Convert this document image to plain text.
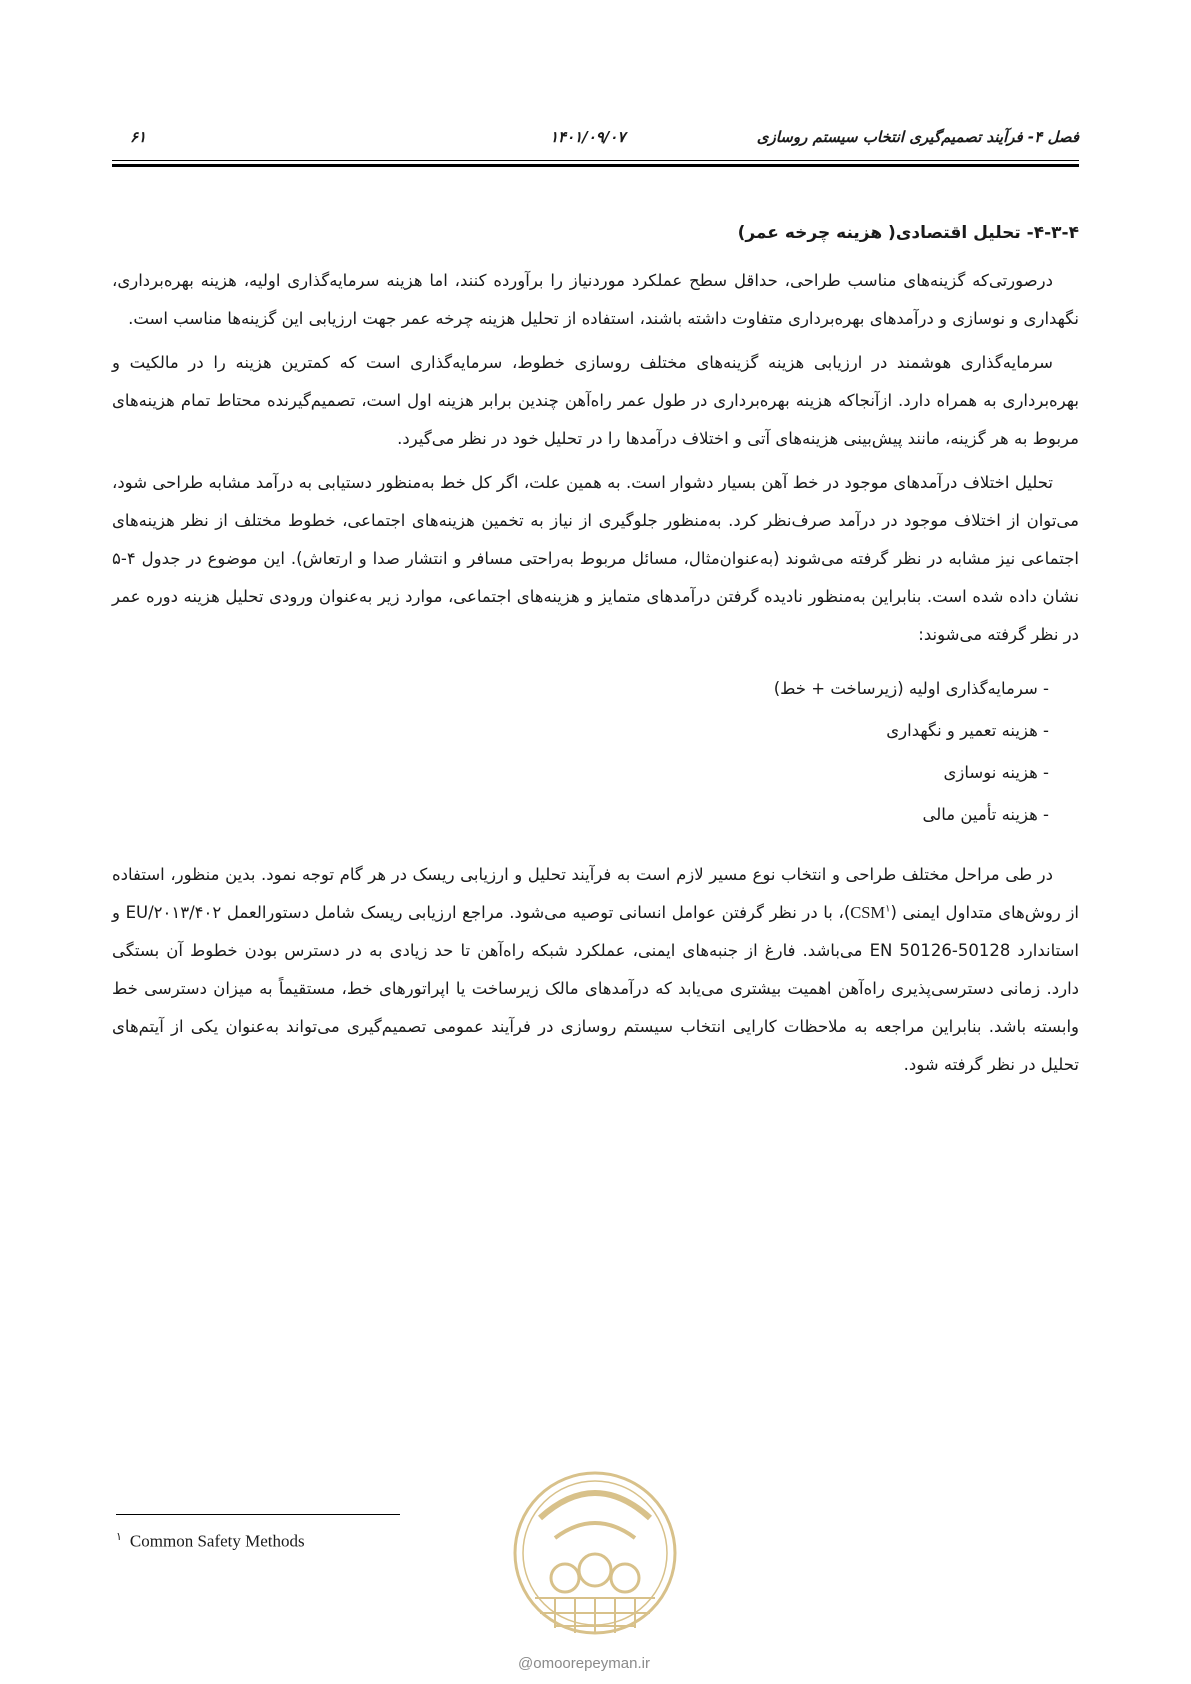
فصل ۴- فرآیند تصمیم‌گیری انتخاب سیستم روسازی
۱۴۰۱/۰۹/۰۷
۶۱
۴-۳-۴- تحلیل اقتصادی( هزینه چرخه عمر)

درصورتی‌که گزینه‌های مناسب طراحی، حداقل سطح عملکرد موردنیاز را برآورده کنند، اما هزینه سرمایه‌گذاری اولیه، هزینه بهره‌برداری، نگهداری و نوسازی و درآمدهای بهره‌برداری متفاوت داشته باشند، استفاده از تحلیل هزینه چرخه عمر جهت ارزیابی این گزینه‌ها مناسب است.

سرمایه‌گذاری هوشمند در ارزیابی هزینه گزینه‌های مختلف روسازی خطوط، سرمایه‌گذاری است که کمترین هزینه را در مالکیت و بهره‌برداری به همراه دارد. ازآنجاکه هزینه بهره‌برداری در طول عمر راه‌آهن چندین برابر هزینه اول است، تصمیم‌گیرنده محتاط تمام هزینه‌های مربوط به هر گزینه، مانند پیش‌بینی هزینه‌های آتی و اختلاف درآمدها را در تحلیل خود در نظر می‌گیرد.

تحلیل اختلاف درآمدهای موجود در خط آهن بسیار دشوار است. به همین علت، اگر کل خط به‌منظور دستیابی به درآمد مشابه طراحی شود، می‌توان از اختلاف موجود در درآمد صرف‌نظر کرد. به‌منظور جلوگیری از نیاز به تخمین هزینه‌های اجتماعی، خطوط مختلف از نظر هزینه‌های اجتماعی نیز مشابه در نظر گرفته می‌شوند (به‌عنوان‌مثال، مسائل مربوط به‌راحتی مسافر و انتشار صدا و ارتعاش). این موضوع در جدول ۴-۵ نشان داده شده است. بنابراین به‌منظور نادیده گرفتن درآمدهای متمایز و هزینه‌های اجتماعی، موارد زیر به‌عنوان ورودی تحلیل هزینه دوره عمر در نظر گرفته می‌شوند:

- سرمایه‌گذاری اولیه (زیرساخت + خط)
- هزینه تعمیر و نگهداری
- هزینه نوسازی
- هزینه تأمین مالی

در طی مراحل مختلف طراحی و انتخاب نوع مسیر لازم است به فرآیند تحلیل و ارزیابی ریسک در هر گام توجه نمود. بدین منظور، استفاده از روش‌های متداول ایمنی (CSM$^۱$)، با در نظر گرفتن عوامل انسانی توصیه می‌شود. مراجع ارزیابی ریسک شامل دستورالعمل EU/۲۰۱۳/۴۰۲ و استاندارد EN 50126-50128 می‌باشد. فارغ از جنبه‌های ایمنی، عملکرد شبکه راه‌آهن تا حد زیادی به در دسترس بودن خطوط آن بستگی دارد. زمانی دسترسی‌پذیری راه‌آهن اهمیت بیشتری می‌یابد که درآمدهای مالک زیرساخت یا اپراتورهای خط، مستقیماً به میزان دسترسی خط وابسته باشد. بنابراین مراجعه به ملاحظات کارایی انتخاب سیستم روسازی در فرآیند عمومی تصمیم‌گیری می‌تواند به‌عنوان یکی از آیتم‌های تحلیل در نظر گرفته شود.

$^۱$ Common Safety Methods
@omoorepeyman.ir
